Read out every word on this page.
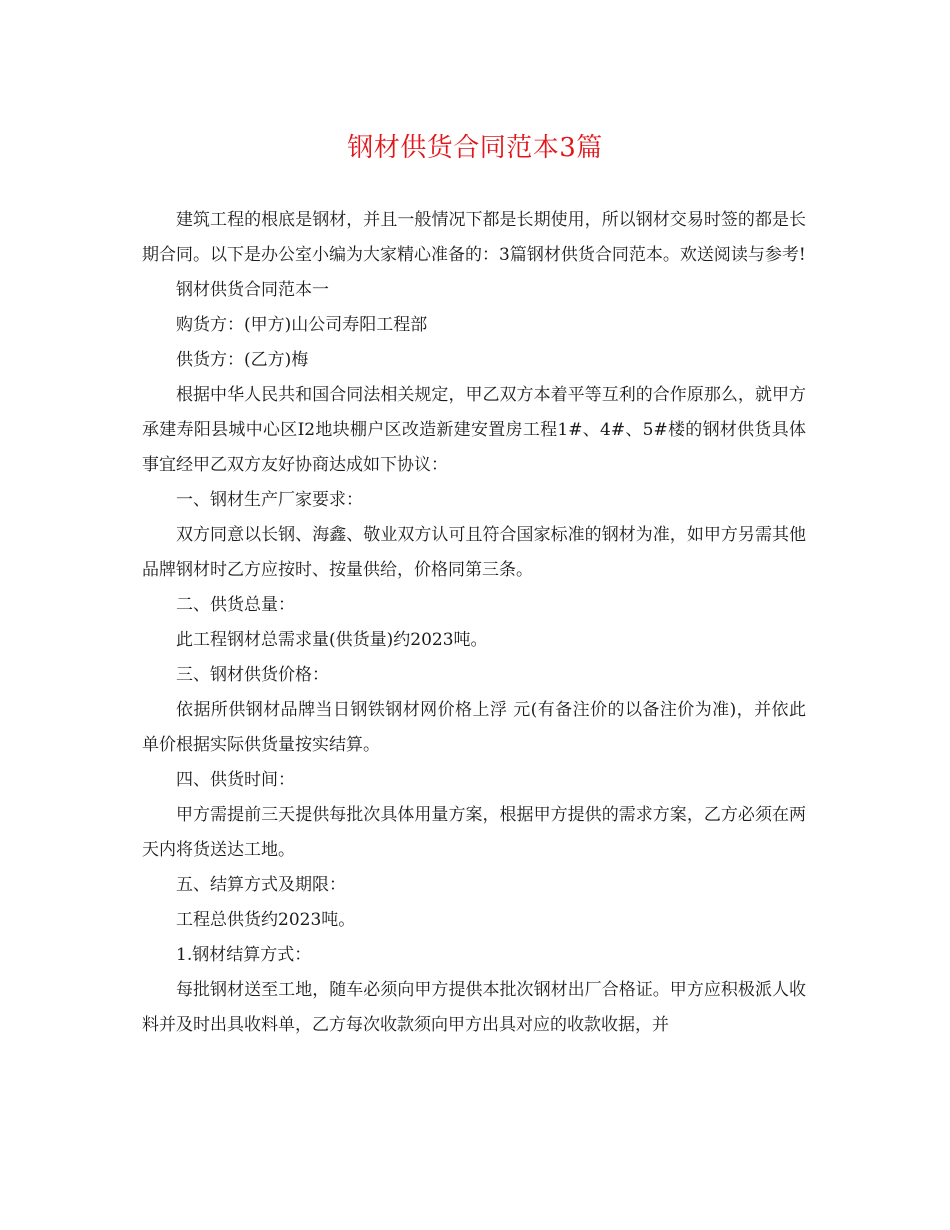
钢材供货合同范本3篇

建筑工程的根底是钢材，并且一般情况下都是长期使用，所以钢材交易时签的都是长期合同。以下是办公室小编为大家精心准备的：3篇钢材供货合同范本。欢送阅读与参考!

钢材供货合同范本一

购货方：(甲方)山公司寿阳工程部

供货方：(乙方)梅

根据中华人民共和国合同法相关规定，甲乙双方本着平等互利的合作原那么，就甲方承建寿阳县城中心区I2地块棚户区改造新建安置房工程1#、4#、5#楼的钢材供货具体事宜经甲乙双方友好协商达成如下协议：

一、钢材生产厂家要求：

双方同意以长钢、海鑫、敬业双方认可且符合国家标准的钢材为准，如甲方另需其他品牌钢材时乙方应按时、按量供给，价格同第三条。

二、供货总量：

此工程钢材总需求量(供货量)约2023吨。

三、钢材供货价格：

依据所供钢材品牌当日钢铁钢材网价格上浮 元(有备注价的以备注价为准)，并依此单价根据实际供货量按实结算。

四、供货时间：

甲方需提前三天提供每批次具体用量方案，根据甲方提供的需求方案，乙方必须在两天内将货送达工地。

五、结算方式及期限：

工程总供货约2023吨。

1.钢材结算方式：

每批钢材送至工地，随车必须向甲方提供本批次钢材出厂合格证。甲方应积极派人收料并及时出具收料单，乙方每次收款须向甲方出具对应的收款收据，并
